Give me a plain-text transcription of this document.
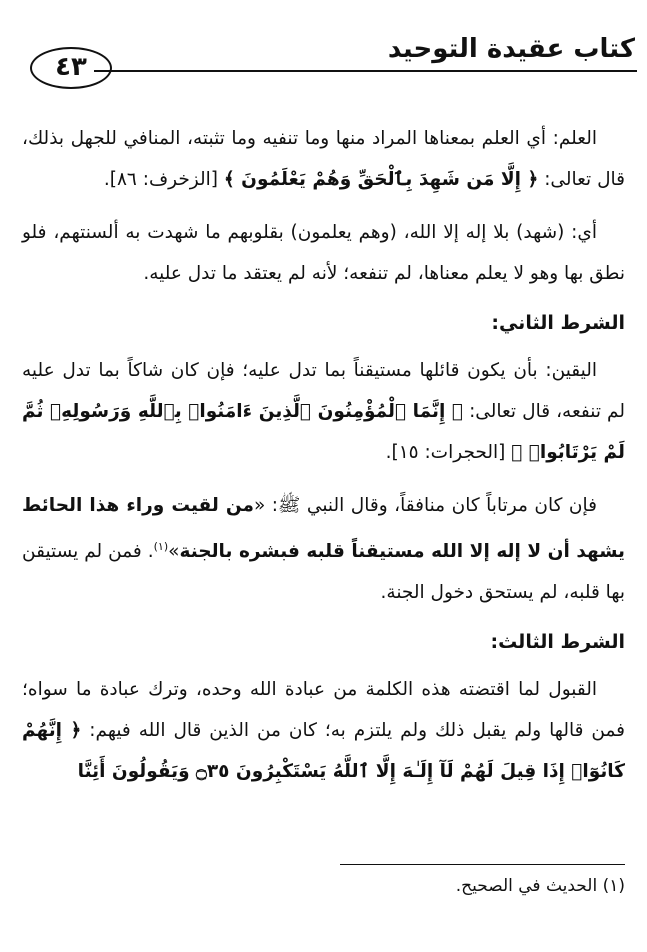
كتاب عقيدة التوحيد
٤٣

العلم: أي العلم بمعناها المراد منها وما تنفيه وما تثبته، المنافي للجهل بذلك، قال تعالى: ﴿ إِلَّا مَن شَهِدَ بِٱلْحَقِّ وَهُمْ يَعْلَمُونَ ﴾ [الزخرف: ٨٦].

أي: (شهد) بلا إله إلا الله، (وهم يعلمون) بقلوبهم ما شهدت به ألسنتهم، فلو نطق بها وهو لا يعلم معناها، لم تنفعه؛ لأنه لم يعتقد ما تدل عليه.

الشرط الثاني:

اليقين: بأن يكون قائلها مستيقناً بما تدل عليه؛ فإن كان شاكاً بما تدل عليه لم تنفعه، قال تعالى: ﴿ إِنَّمَا ٱلْمُؤْمِنُونَ ٱلَّذِينَ ءَامَنُوا۟ بِٱللَّهِ وَرَسُولِهِۦ ثُمَّ لَمْ يَرْتَابُوا۟ ﴾ [الحجرات: ١٥].

فإن كان مرتاباً كان منافقاً، وقال النبي ﷺ: «من لقيت وراء هذا الحائط يشهد أن لا إله إلا الله مستيقناً قلبه فبشره بالجنة»$^{(١)}$. فمن لم يستيقن بها قلبه، لم يستحق دخول الجنة.

الشرط الثالث:

القبول لما اقتضته هذه الكلمة من عبادة الله وحده، وترك عبادة ما سواه؛ فمن قالها ولم يقبل ذلك ولم يلتزم به؛ كان من الذين قال الله فيهم: ﴿ إِنَّهُمْ كَانُوٓا۟ إِذَا قِيلَ لَهُمْ لَآ إِلَـٰهَ إِلَّا ٱللَّهُ يَسْتَكْبِرُونَ ۝٣٥ وَيَقُولُونَ أَئِنَّا

(١) الحديث في الصحيح.
